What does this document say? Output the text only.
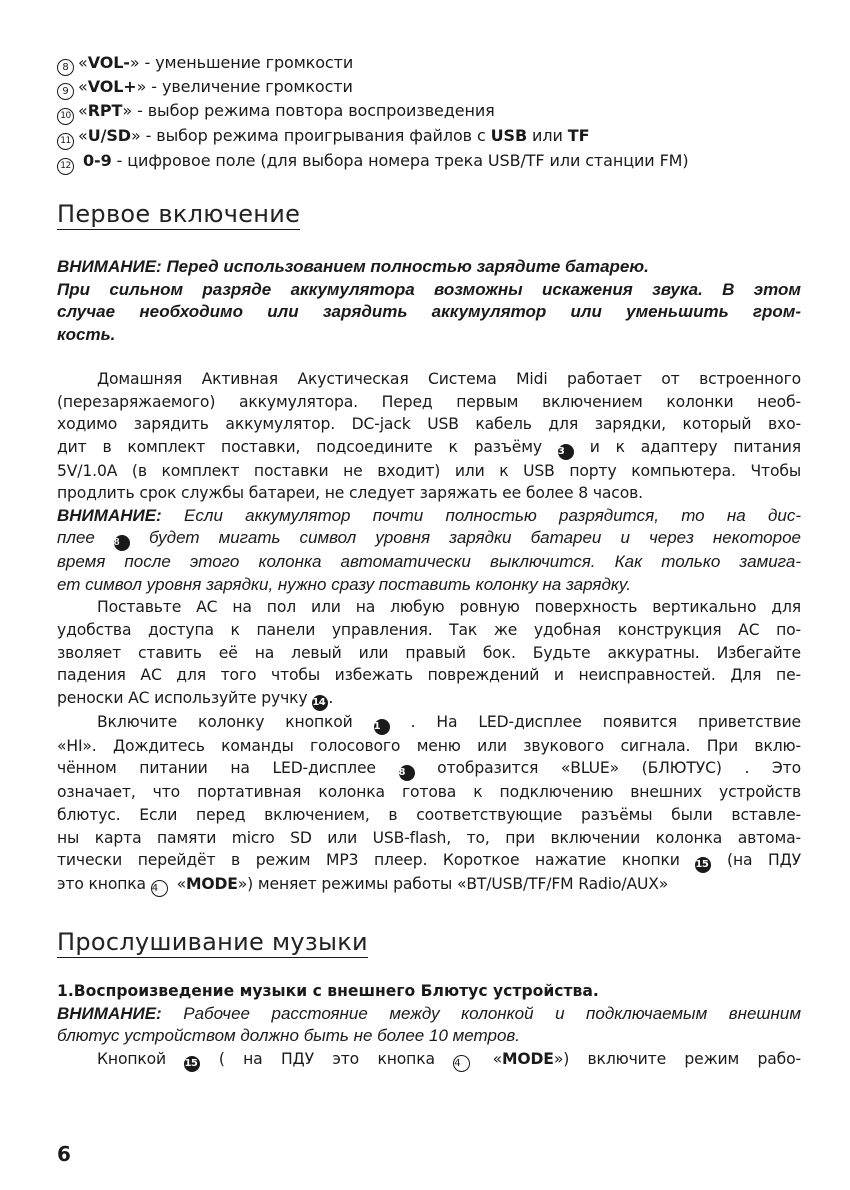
8 «VOL-» - уменьшение громкости
9 «VOL+» - увеличение громкости
10 «RPT» - выбор режима повтора воспроизведения
11 «U/SD» - выбор режима проигрывания файлов с USB или TF
12 0-9 - цифровое поле (для выбора номера трека USB/TF или станции FM)
Первое включение
ВНИМАНИЕ: Перед использованием полностью зарядите батарею.
При сильном разряде аккумулятора возможны искажения звука. В этом
случае необходимо или зарядить аккумулятор или уменьшить гром-
кость.
Домашняя Активная Акустическая Система Midi работает от встроенного
(перезаряжаемого) аккумулятора. Перед первым включением колонки необ-
ходимо зарядить аккумулятор. DC-jack USB кабель для зарядки, который вхо-
дит в комплект поставки, подсоедините к разъёму 3 и к адаптеру питания
5V/1.0A (в комплект поставки не входит) или к USB порту компьютера. Чтобы
продлить срок службы батареи, не следует заряжать ее более 8 часов.
ВНИМАНИЕ: Если аккумулятор почти полностью разрядится, то на дис-
плее 8 будет мигать символ уровня зарядки батареи и через некоторое
время после этого колонка автоматически выключится. Как только замига-
ет символ уровня зарядки, нужно сразу поставить колонку на зарядку.
Поставьте АС на пол или на любую ровную поверхность вертикально для
удобства доступа к панели управления. Так же удобная конструкция АС по-
зволяет ставить её на левый или правый бок. Будьте аккуратны. Избегайте
падения АС для того чтобы избежать повреждений и неисправностей. Для пе-
реноски АС используйте ручку 14 .
Включите колонку кнопкой 1 . На LED-дисплее появится приветствие
«HI». Дождитесь команды голосового меню или звукового сигнала. При вклю-
чённом питании на LED-дисплее 8 отобразится «BLUE» (БЛЮТУС) . Это
означает, что портативная колонка готова к подключению внешних устройств
блютус. Если перед включением, в соответствующие разъёмы были вставле-
ны карта памяти micro SD или USB-flash, то, при включении колонка автома-
тически перейдёт в режим MP3 плеер. Короткое нажатие кнопки 15 (на ПДУ
это кнопка 4 «MODE») меняет режимы работы «BT/USB/TF/FM Radio/AUX»
Прослушивание музыки
1.Воспроизведение музыки с внешнего Блютус устройства.
ВНИМАНИЕ: Рабочее расстояние между колонкой и подключаемым внешним
блютус устройством должно быть не более 10 метров.
Кнопкой 15 ( на ПДУ это кнопка 4 «MODE») включите режим рабо-
6
